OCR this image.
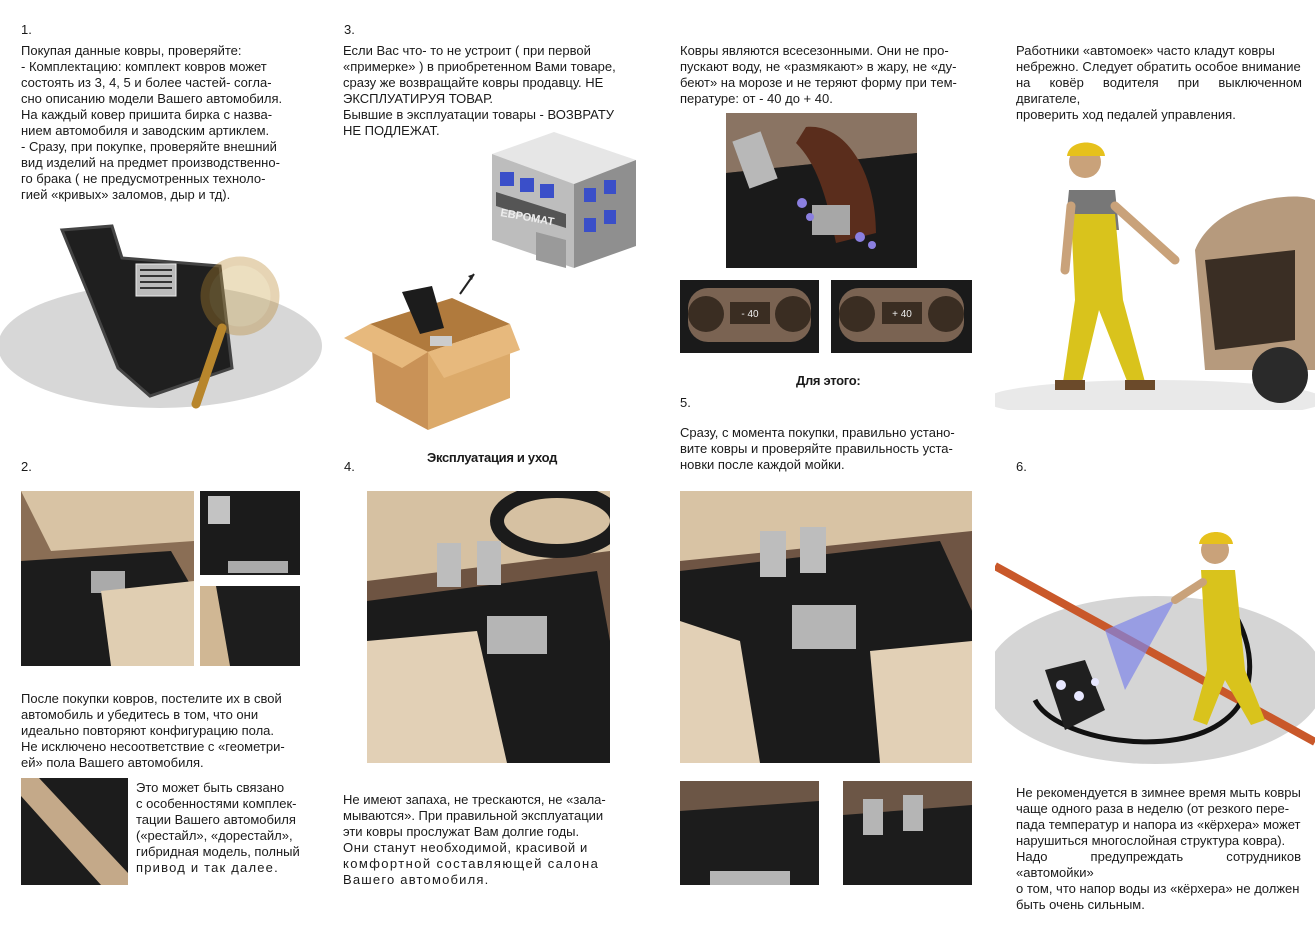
1.

Покупая данные ковры, проверяйте:

- Комплектацию: комплект ковров может

состоять из 3, 4, 5 и более частей- согла-

сно описанию модели Вашего автомобиля.

На каждый ковер пришита бирка с назва-

нием автомобиля и заводским артиклем.

- Сразу, при покупке, проверяйте внешний

вид изделий на предмет производственно-

го брака ( не предусмотренных техноло-

гией «кривых» заломов, дыр и тд).

2.

После покупки ковров, постелите их в свой

автомобиль и убедитесь в том, что они

идеально повторяют конфигурацию пола.

Не исключено несоответствие с «геометри-

ей» пола Вашего автомобиля.

Это может быть связано

с особенностями комплек-

тации Вашего автомобиля

(«рестайл», «дорестайл»,

гибридная модель, полный

привод и так далее.

3.

Если Вас что- то не устроит ( при первой

«примерке» ) в приобретенном Вами товаре,

сразу же возвращайте ковры продавцу. НЕ

ЭКСПЛУАТИРУЯ ТОВАР.

Бывшие в эксплуатации товары - ВОЗВРАТУ

НЕ ПОДЛЕЖАТ.

ЕВРОМАТ
Эксплуатация и уход
4.

Не имеют запаха, не трескаются, не «зала-

мываются». При правильной эксплуатации

эти ковры прослужат Вам долгие годы.

Они станут необходимой, красивой и

комфортной составляющей салона

Вашего автомобиля.

Ковры являются всесезонными. Они не про-

пускают воду, не «размякают» в жару, не «ду-

беют» на морозе и не теряют форму при тем-

пературе: от - 40 до + 40.

- 40	+ 40
Для этого:
5.

Сразу, с момента покупки, правильно устано-

вите ковры и проверяйте правильность уста-

новки после каждой мойки.

Работники «автомоек» часто кладут ковры

небрежно. Следует обратить особое внимание

на ковёр водителя при выключенном двигателе,

проверить ход педалей управления.

6.

Не рекомендуется в зимнее время мыть ковры

чаще одного раза в неделю (от резкого пере-

пада температур и напора из «кёрхера» может

нарушиться многослойная структура ковра).

Надо предупреждать сотрудников «автомойки»

о том, что напор воды из «кёрхера» не должен

быть очень сильным.
